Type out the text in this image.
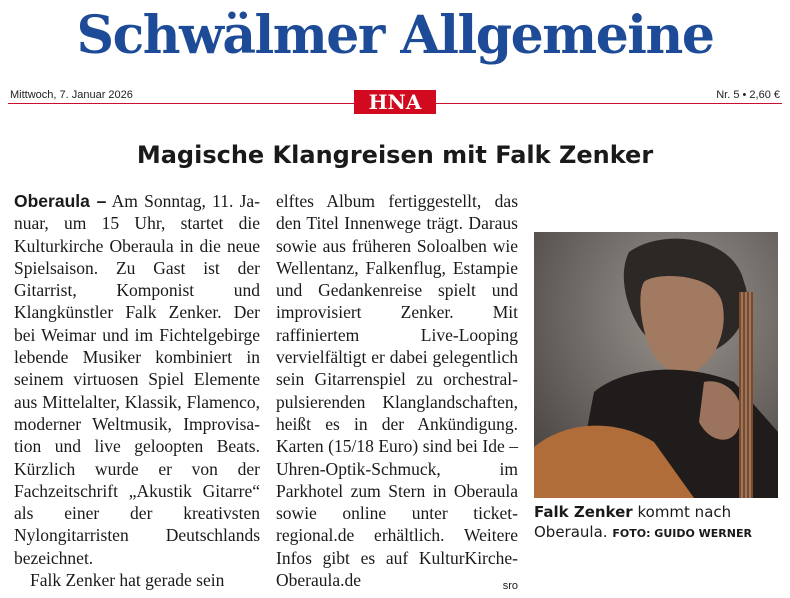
Schwälmer Allgemeine
Mittwoch, 7. Januar 2026	Nr. 5 • 2,60 €
HNA
Magische Klangreisen mit Falk Zenker

Oberaula – Am Sonntag, 11. Januar, um 15 Uhr, startet die Kulturkirche Oberaula in die neue Spielsaison. Zu Gast ist der Gitarrist, Komponist und Klangkünstler Falk Zenker. Der bei Weimar und im Fichtelgebirge lebende Musiker kombiniert in seinem virtuosen Spiel Elemente aus Mittelalter, Klassik, Flamenco, moderner Weltmusik, Improvisation und live geloopten Beats. Kürzlich wurde er von der Fachzeitschrift „Akustik Gitarre“ als einer der kreativsten Nylongitarristen Deutschlands bezeichnet.

Falk Zenker hat gerade sein

elftes Album fertiggestellt, das den Titel Innenwege trägt. Daraus sowie aus früheren Soloalben wie Wellentanz, Falkenflug, Estampie und Gedankenreise spielt und improvisiert Zenker. Mit raffiniertem Live-Looping vervielfältigt er dabei gelegentlich sein Gitarrenspiel zu orchestral-pulsierenden Klanglandschaften, heißt es in der Ankündigung. Karten (15/18 Euro) sind bei Ide – Uhren-Optik-Schmuck, im Parkhotel zum Stern in Oberaula sowie online unter ticket-regional.de erhältlich. Weitere Infos gibt es auf KulturKirche-Oberaula.de	sro

Falk Zenker kommt nach Oberaula. FOTO: GUIDO WERNER
